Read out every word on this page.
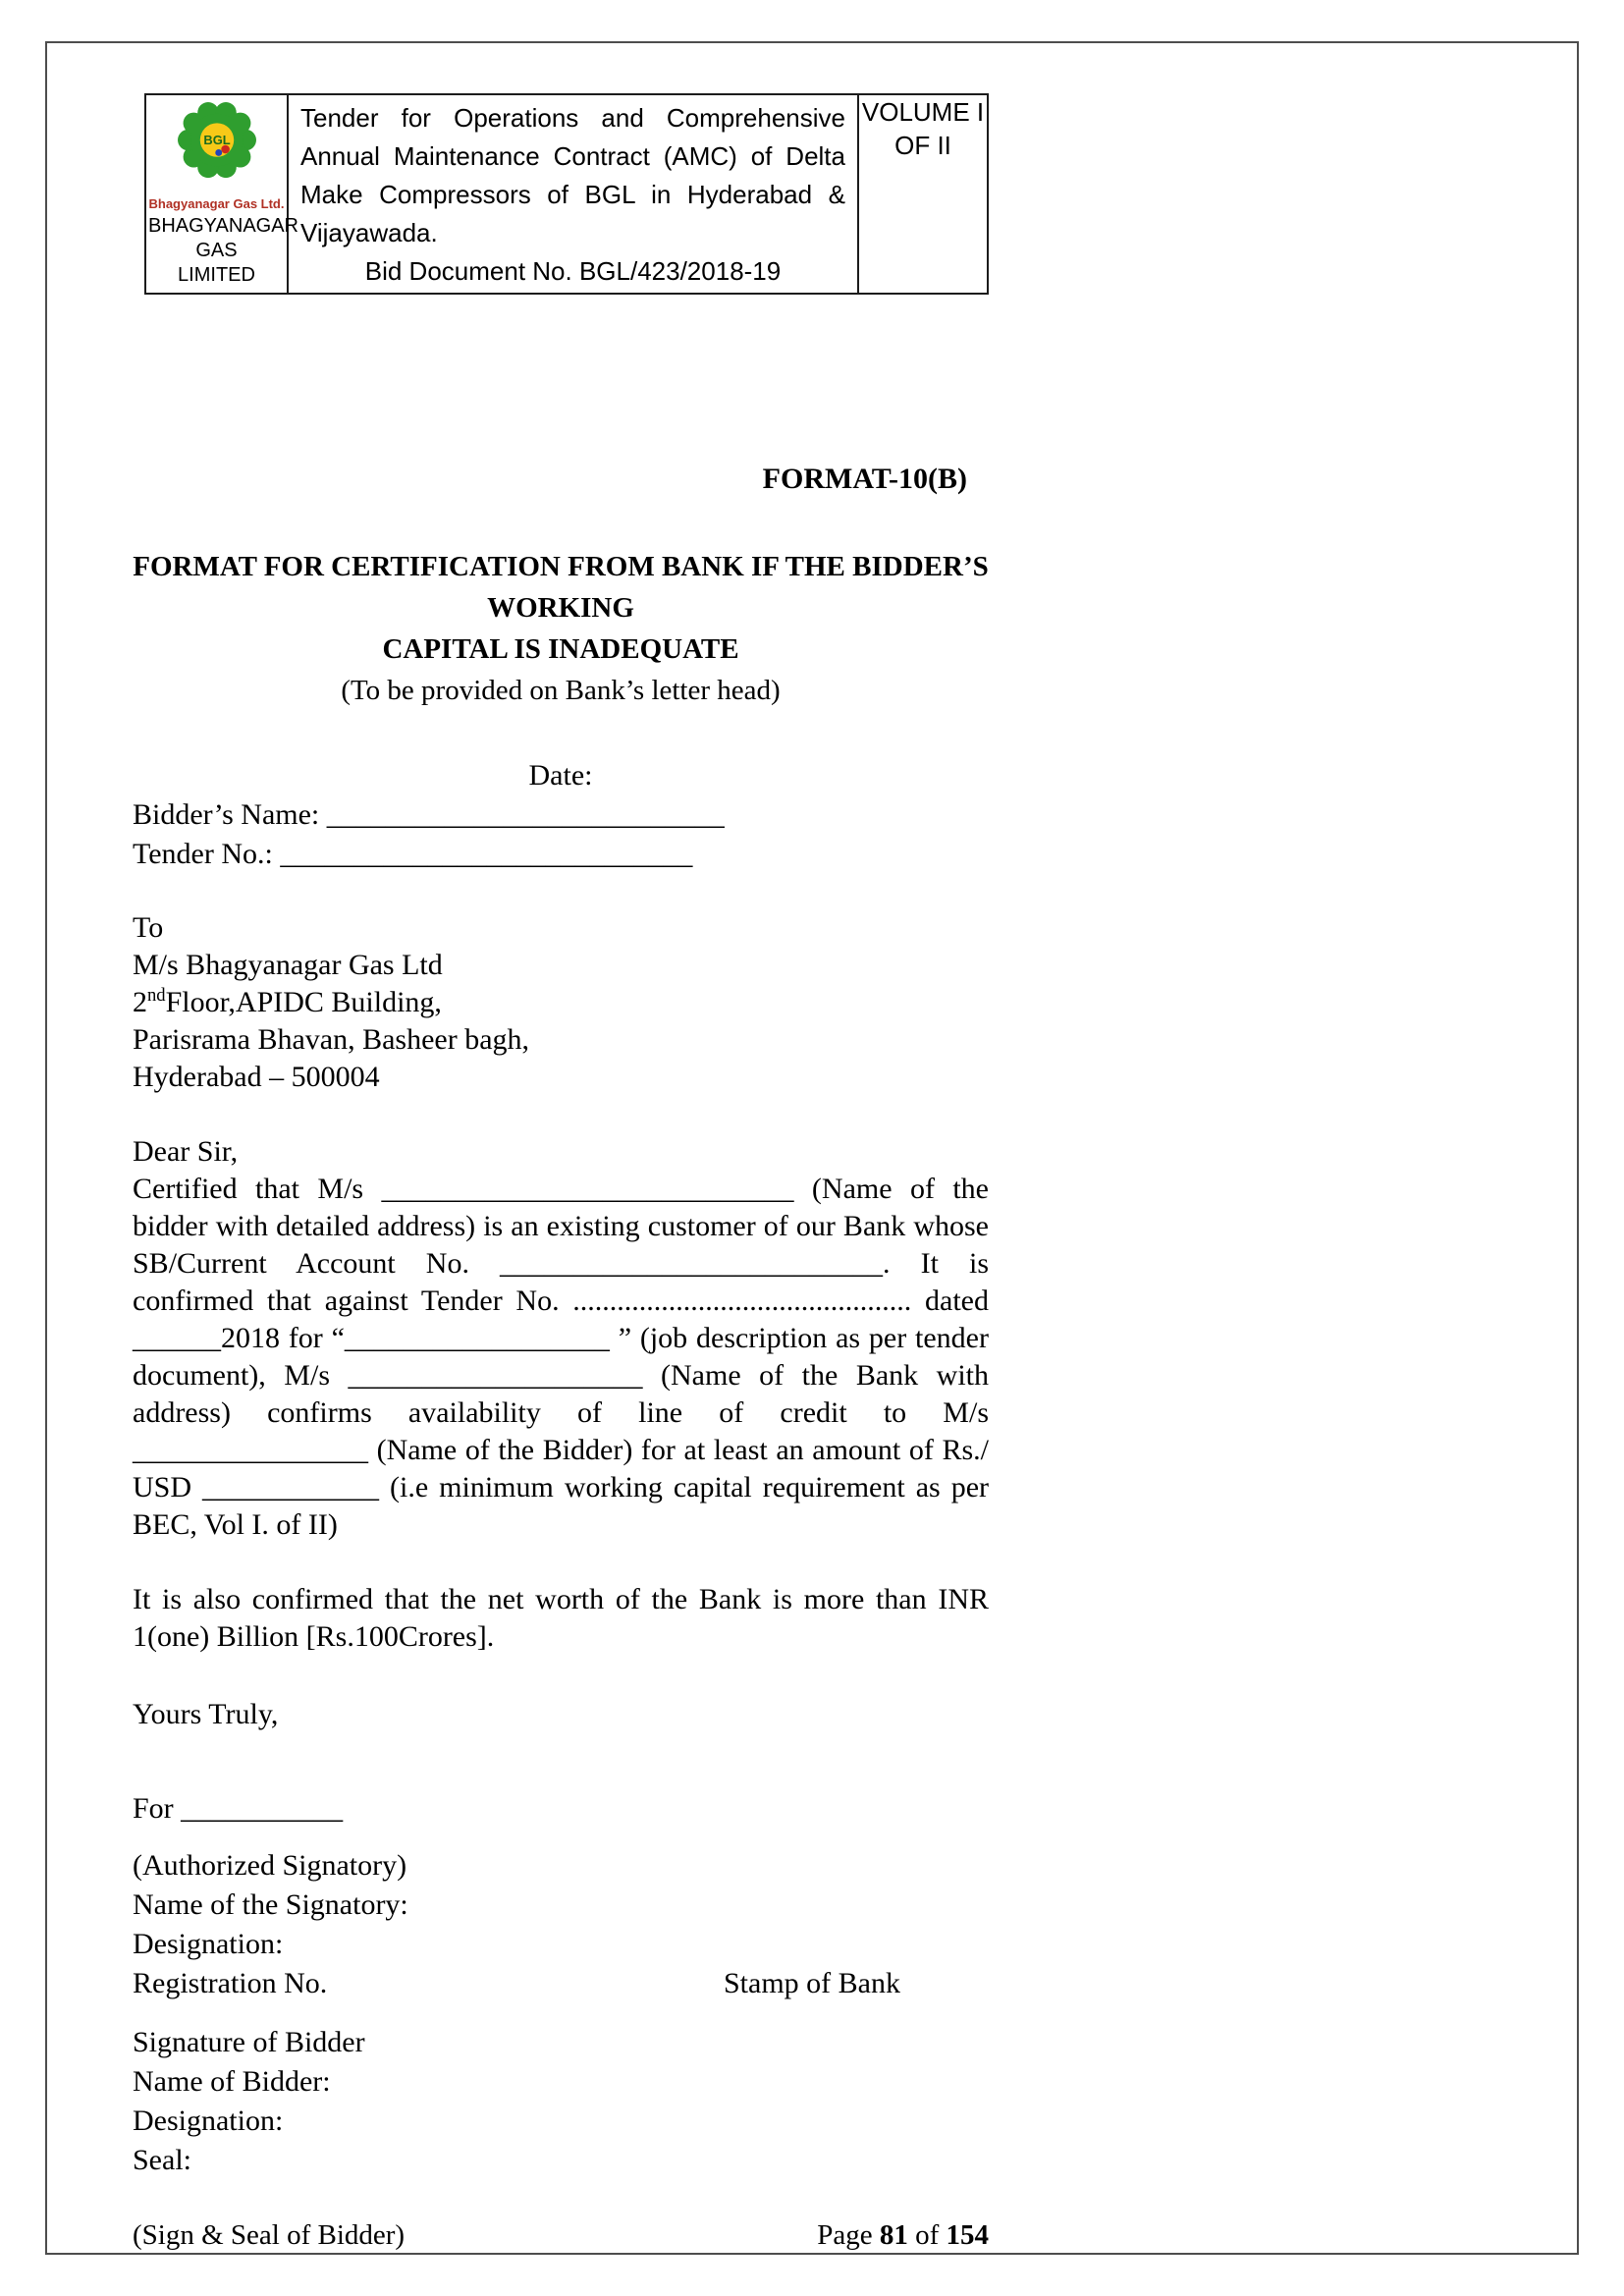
BGL
Bhagyanagar Gas Ltd.
BHAGYANAGAR GAS
LIMITED

Tender for Operations and Comprehensive Annual Maintenance Contract (AMC) of Delta Make Compressors of BGL in Hyderabad & Vijayawada.
Bid Document No. BGL/423/2018-19

VOLUME I
OF II
FORMAT-10(B)
FORMAT FOR CERTIFICATION FROM BANK IF THE BIDDER’S WORKING
CAPITAL IS INADEQUATE
(To be provided on Bank’s letter head)
Date:
Bidder’s Name: ___________________________
Tender No.: ____________________________
To
M/s Bhagyanagar Gas Ltd
2ndFloor,APIDC Building,
Parisrama Bhavan, Basheer bagh,
Hyderabad – 500004
Dear Sir,
Certified that M/s ____________________________ (Name of the bidder with detailed address) is an existing customer of our Bank whose SB/Current Account No. __________________________. It is confirmed that against Tender No. .............................................. dated ______2018 for “__________________ ” (job description as per tender document), M/s ____________________ (Name of the Bank with address) confirms availability of line of credit to M/s ________________ (Name of the Bidder) for at least an amount of Rs./ USD ____________ (i.e minimum working capital requirement as per BEC, Vol I. of II)
It is also confirmed that the net worth of the Bank is more than INR 1(one) Billion [Rs.100Crores].
Yours Truly,
For ___________
(Authorized Signatory)
Name of the Signatory:
Designation:
Registration No.	Stamp of Bank
Signature of Bidder
Name of Bidder:
Designation:
Seal:
(Sign & Seal of Bidder)	Page 81 of 154
